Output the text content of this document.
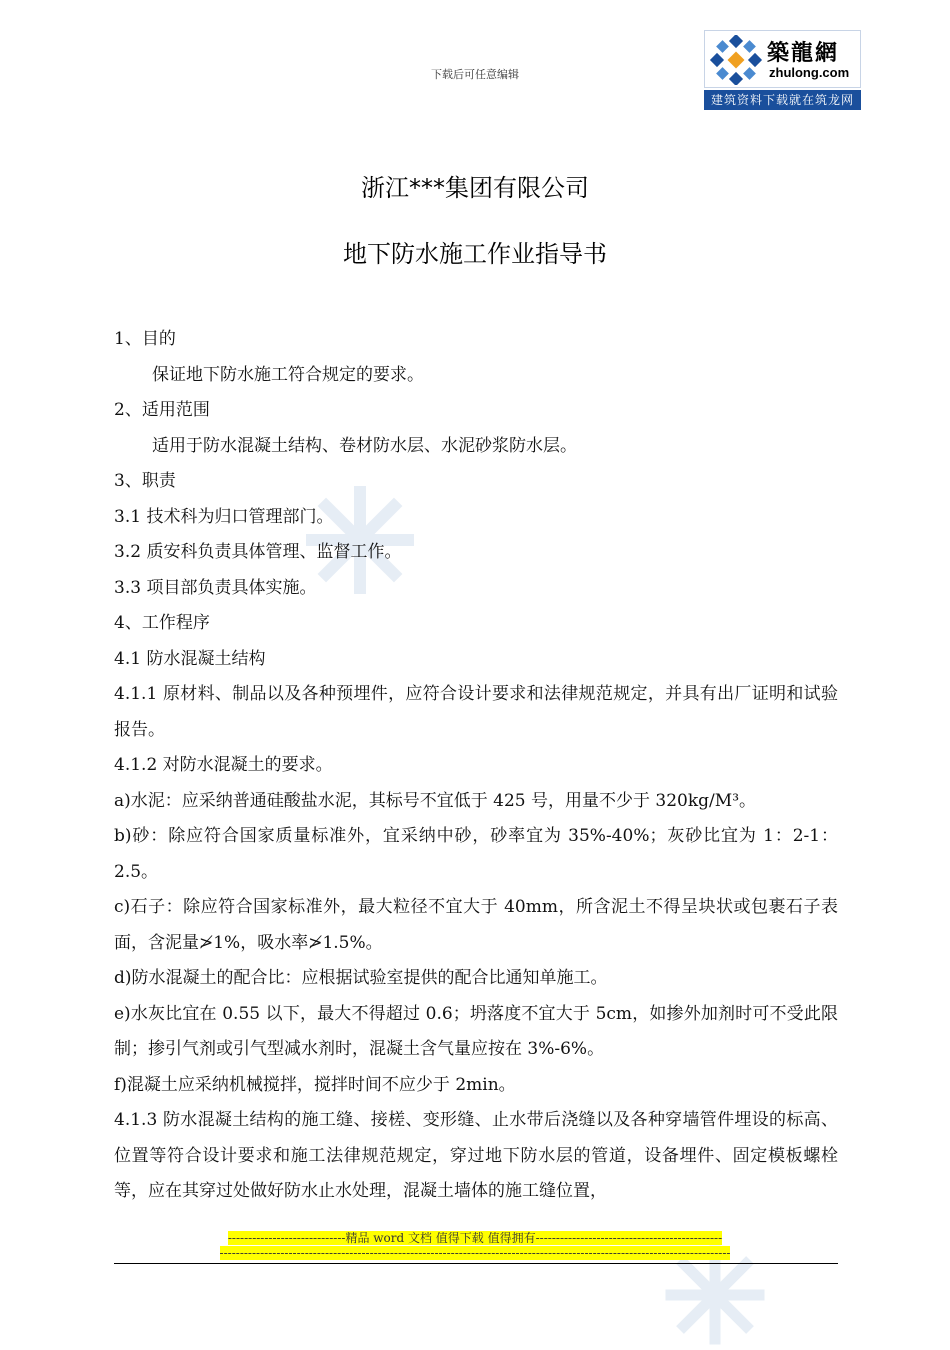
下载后可任意编辑
築龍網
zhulong.com
建筑资料下载就在筑龙网
浙江***集团有限公司
地下防水施工作业指导书

1、目的

保证地下防水施工符合规定的要求。

2、适用范围

适用于防水混凝土结构、卷材防水层、水泥砂浆防水层。

3、职责

3.1 技术科为归口管理部门。

3.2 质安科负责具体管理、监督工作。

3.3 项目部负责具体实施。

4、工作程序

4.1 防水混凝土结构

4.1.1 原材料、制品以及各种预埋件，应符合设计要求和法律规范规定，并具有出厂证明和试验报告。

4.1.2 对防水混凝土的要求。

a)水泥：应采纳普通硅酸盐水泥，其标号不宜低于 425 号，用量不少于 320kg/M³。

b)砂：除应符合国家质量标准外，宜采纳中砂，砂率宜为 35%-40%；灰砂比宜为 1：2-1：2.5。

c)石子：除应符合国家标准外，最大粒径不宜大于 40mm，所含泥土不得呈块状或包裹石子表面，含泥量≯1%，吸水率≯1.5%。

d)防水混凝土的配合比：应根据试验室提供的配合比通知单施工。

e)水灰比宜在 0.55 以下，最大不得超过 0.6；坍落度不宜大于 5cm，如掺外加剂时可不受此限制；掺引气剂或引气型减水剂时，混凝土含气量应按在 3%-6%。

f)混凝土应采纳机械搅拌，搅拌时间不应少于 2min。

4.1.3 防水混凝土结构的施工缝、接槎、变形缝、止水带后浇缝以及各种穿墙管件埋设的标高、位置等符合设计要求和施工法律规范规定，穿过地下防水层的管道，设备埋件、固定模板螺栓等，应在其穿过处做好防水止水处理，混凝土墙体的施工缝位置，

-----------------------------精品 word 文档 值得下载 值得拥有----------------------------------------------
------------------------------------------------------------------------------------------------------------------------------
